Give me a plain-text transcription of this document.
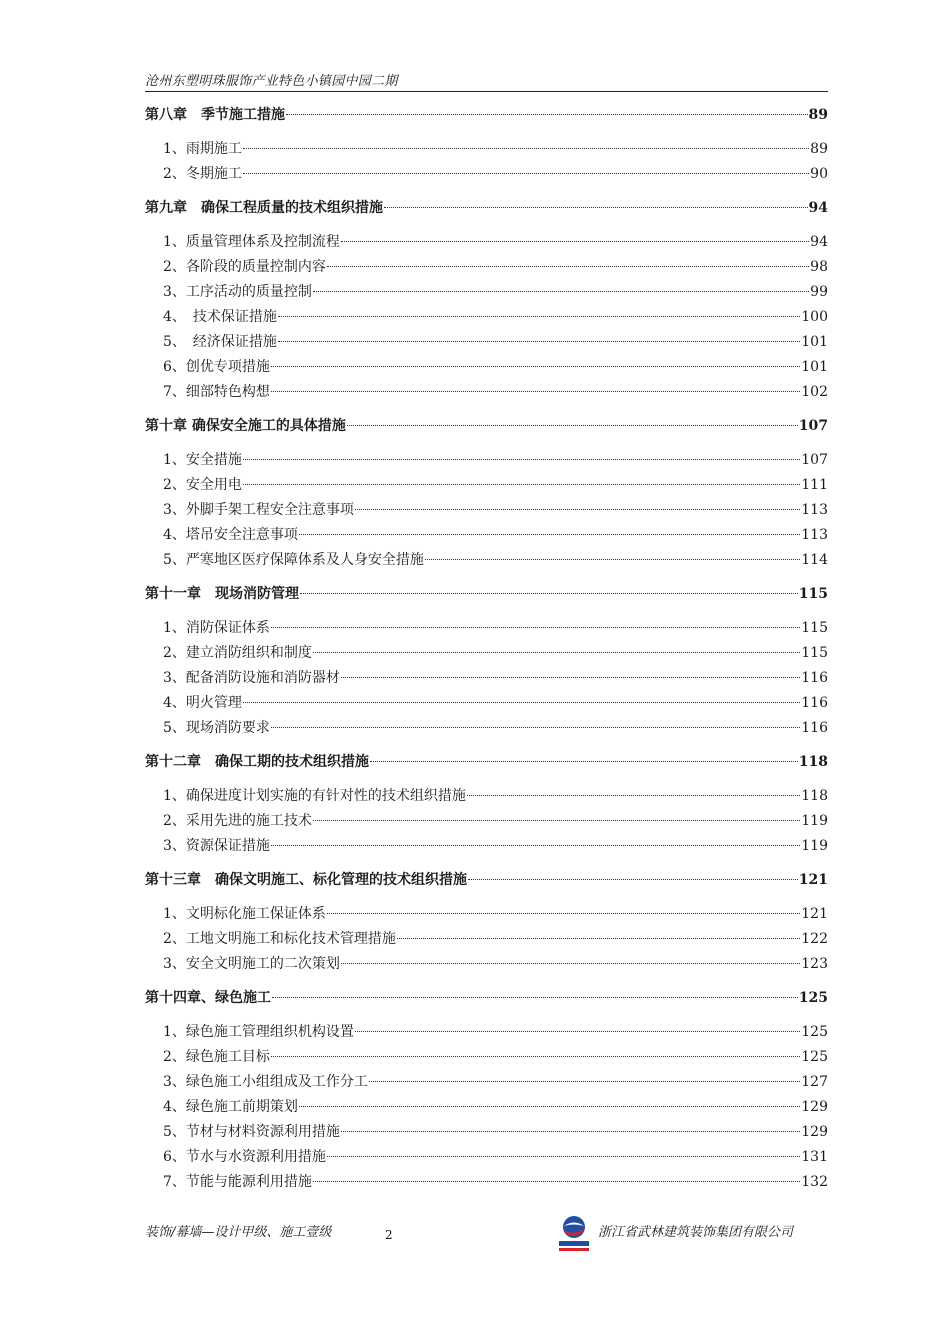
沧州东塑明珠服饰产业特色小镇园中园二期
第八章　季节施工措施	89
1、雨期施工	89
2、冬期施工	90
第九章　确保工程质量的技术组织措施	94
1、质量管理体系及控制流程	94
2、各阶段的质量控制内容	98
3、工序活动的质量控制	99
4、　技术保证措施	100
5、　经济保证措施	101
6、创优专项措施	101
7、细部特色构想	102
第十章 确保安全施工的具体措施	107
1、安全措施	107
2、安全用电	111
3、外脚手架工程安全注意事项	113
4、塔吊安全注意事项	113
5、严寒地区医疗保障体系及人身安全措施	114
第十一章　现场消防管理	115
1、消防保证体系	115
2、建立消防组织和制度	115
3、配备消防设施和消防器材	116
4、明火管理	116
5、现场消防要求	116
第十二章　确保工期的技术组织措施	118
1、确保进度计划实施的有针对性的技术组织措施	118
2、采用先进的施工技术	119
3、资源保证措施	119
第十三章　确保文明施工、标化管理的技术组织措施	121
1、文明标化施工保证体系	121
2、工地文明施工和标化技术管理措施	122
3、安全文明施工的二次策划	123
第十四章、绿色施工	125
1、绿色施工管理组织机构设置	125
2、绿色施工目标	125
3、绿色施工小组组成及工作分工	127
4、绿色施工前期策划	129
5、节材与材料资源利用措施	129
6、节水与水资源利用措施	131
7、节能与能源利用措施	132
装饰/幕墙—设计甲级、施工壹级	2	浙江省武林建筑装饰集团有限公司
